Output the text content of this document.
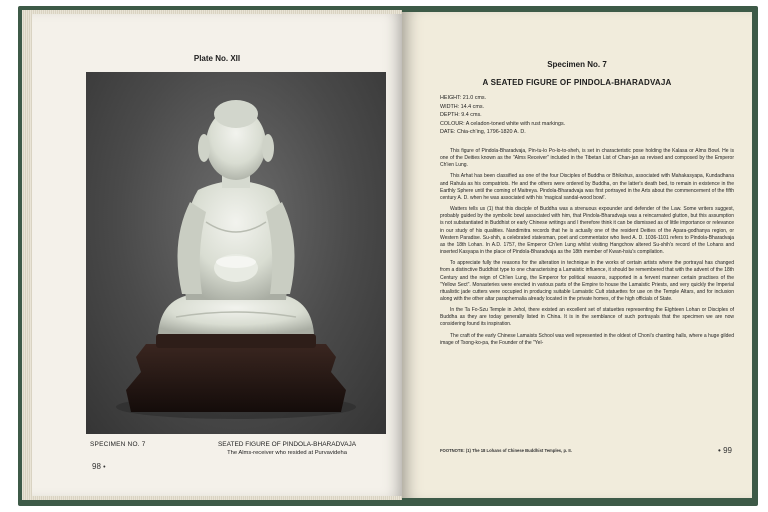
Plate No. XII
SPECIMEN NO. 7	SEATED FIGURE OF PINDOLA-BHARADVAJA
The Alms-receiver who resided at Purvavideha
98 •
Specimen No. 7
A SEATED FIGURE OF PINDOLA-BHARADVAJA
HEIGHT: 21.0 cms.
WIDTH: 14.4 cms.
DEPTH: 9.4 cms.
COLOUR: A celadon-toned white with rust markings.
DATE: Chia-ch'ing, 1796-1820 A. D.

This figure of Pindola-Bharadvaja, Pin-tu-lo Po-lo-to-sheh, is set in characteristic pose holding the Kalasa or Alms Bowl. He is one of the Deities known as the "Alms Receiver" included in the Tibetan List of Chan-jan as revised and composed by the Emperor Ch'ien Lung.

This Arhat has been classified as one of the four Disciples of Buddha or Bhikshus, associated with Mahakasyapa, Kundadhana and Rahula as his compatriots. He and the others were ordered by Buddha, on the latter's death bed, to remain in existence in the Earthly Sphere until the coming of Maitreya. Pindola-Bharadvaja was first portrayed in the Arts about the commencement of the fifth century A. D. when he was associated with his 'magical sandal-wood bowl'.

Watters tells us (1) that this disciple of Buddha was a strenuous expounder and defender of the Law. Some writers suggest, probably guided by the symbolic bowl associated with him, that Pindola-Bharadvaja was a reincarnated glutton, but this assumption is not substantiated in Buddhist or early Chinese writings and I therefore think it can be dismissed as of little importance or relevance in our study of his qualities. Nandimitra records that he is actually one of the resident Deities of the Apara-godhanya region, or Western Paradise. Su-shih, a celebrated statesman, poet and commentator who lived A. D. 1036-1101 refers to Pindola-Bharadvaja as the 18th Lohan. In A.D. 1757, the Emperor Ch'ien Lung whilst visiting Hangchow altered Su-shih's record of the Lohans and inserted Kasyapa in the place of Pindola-Bharadvaja as the 18th member of Kwan-hsiu's compilation.

To appreciate fully the reasons for the alteration in technique in the works of certain artists where the portrayal has changed from a distinctive Buddhist type to one characterising a Lamaistic influence, it should be remembered that with the advent of the 18th Century and the reign of Ch'ien Lung, the Emperor for political reasons, supported in a fervent manner certain practises of the "Yellow Sect". Monasteries were erected in various parts of the Empire to house the Lamaistic Priests, and very quickly the Imperial ritualistic jade cutters were occupied in producing suitable Lamaistic Cult statuettes for use on the Temple Altars, and for inclusion along with the other altar paraphernalia already located in the private homes, of the high officials of State.

In the Ta Fo-Szu Temple in Jehol, there existed an excellent set of statuettes representing the Eighteen Lohan or Disciples of Buddha as they are today generally listed in China. It is in the semblance of such portrayals that the specimen we are now considering found its inspiration.

The craft of the early Chinese Lamaists School was well represented in the oldest of Choni's chanting halls, where a huge gilded image of Tsong-ko-pa, the Founder of the "Yel-

FOOTNOTE: (1) The 18 Lohans of Chinese Buddhist Temples, p. II.	• 99
